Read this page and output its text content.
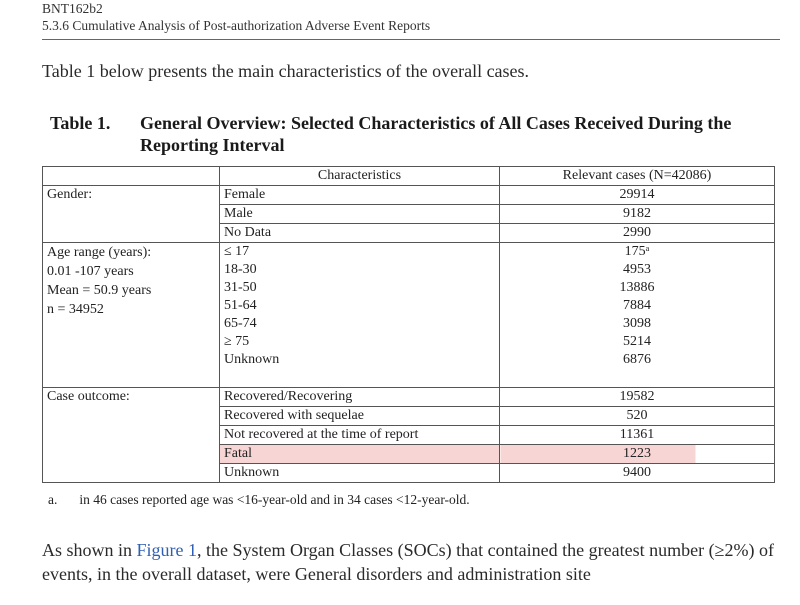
BNT162b2
5.3.6 Cumulative Analysis of Post-authorization Adverse Event Reports
Table 1 below presents the main characteristics of the overall cases.
Table 1. General Overview: Selected Characteristics of All Cases Received During the Reporting Interval
	Characteristics	Relevant cases (N=42086)
Gender:	Female	29914
	Male	9182
	No Data	2990

Age range (years):
0.01 -107 years
Mean = 50.9 years
n = 34952	≤ 17	175ᵃ
	18-30	4953
	31-50	13886
	51-64	7884
	65-74	3098
	≥ 75	5214
	Unknown	6876

Case outcome:	Recovered/Recovering	19582
	Recovered with sequelae	520
	Not recovered at the time of report	11361
	Fatal	1223
	Unknown	9400
a. in 46 cases reported age was <16-year-old and in 34 cases <12-year-old.
As shown in Figure 1, the System Organ Classes (SOCs) that contained the greatest number (≥2%) of events, in the overall dataset, were General disorders and administration site
